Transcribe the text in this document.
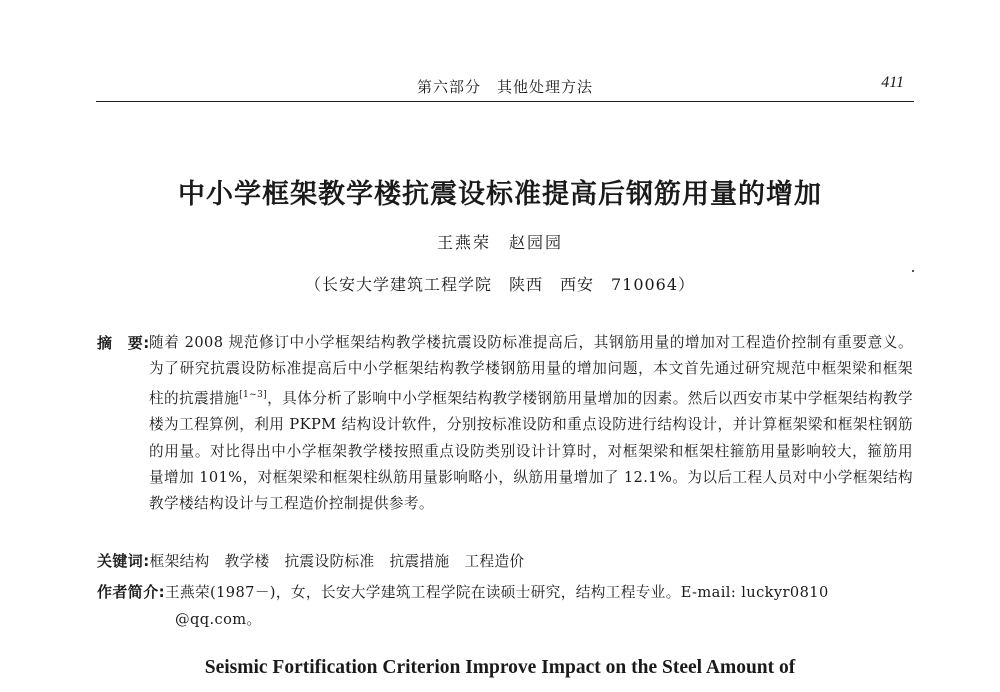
第六部分　其他处理方法	411
中小学框架教学楼抗震设标准提高后钢筋用量的增加
王燕荣　赵园园
（长安大学建筑工程学院　陕西　西安　710064）
摘　要: 随着 2008 规范修订中小学框架结构教学楼抗震设防标准提高后，其钢筋用量的增加对工程造价控制有重要意义。为了研究抗震设防标准提高后中小学框架结构教学楼钢筋用量的增加问题，本文首先通过研究规范中框架梁和框架柱的抗震措施[1~3]，具体分析了影响中小学框架结构教学楼钢筋用量增加的因素。然后以西安市某中学框架结构教学楼为工程算例，利用 PKPM 结构设计软件，分别按标准设防和重点设防进行结构设计，并计算框架梁和框架柱钢筋的用量。对比得出中小学框架教学楼按照重点设防类别设计计算时，对框架梁和框架柱箍筋用量影响较大，箍筋用量增加 101%，对框架梁和框架柱纵筋用量影响略小，纵筋用量增加了 12.1%。为以后工程人员对中小学框架结构教学楼结构设计与工程造价控制提供参考。
关键词:框架结构　教学楼　抗震设防标准　抗震措施　工程造价
作者简介:王燕荣(1987－)，女，长安大学建筑工程学院在读硕士研究，结构工程专业。E-mail: luckyr0810
@qq.com。
Seismic Fortification Criterion Improve Impact on the Steel Amount of
